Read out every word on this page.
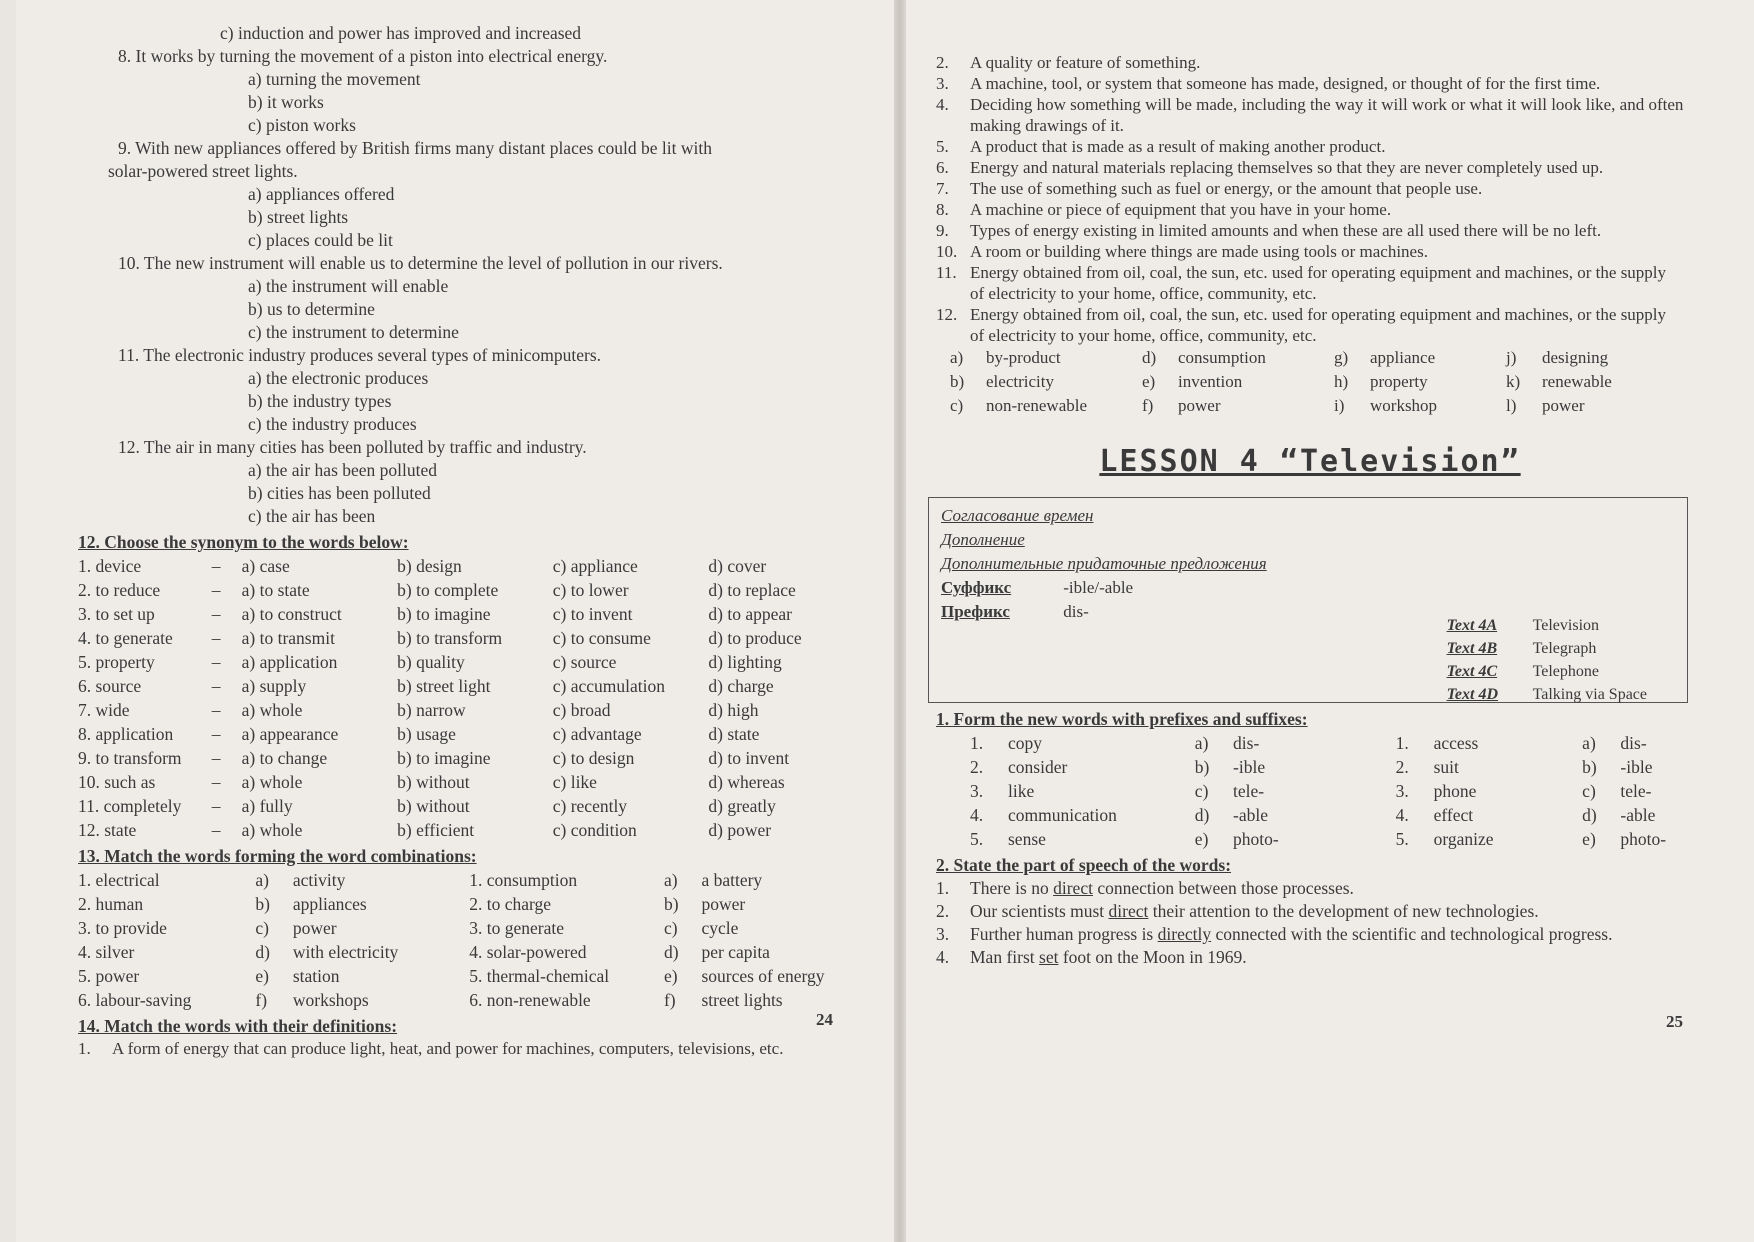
c) induction and power has improved and increased
8. It works by turning the movement of a piston into electrical energy.
a) turning the movement
b) it works
c) piston works
9. With new appliances offered by British firms many distant places could be lit with
solar-powered street lights.
a) appliances offered
b) street lights
c) places could be lit
10. The new instrument will enable us to determine the level of pollution in our rivers.
a) the instrument will enable
b) us to determine
c) the instrument to determine
11. The electronic industry produces several types of minicomputers.
a) the electronic produces
b) the industry types
c) the industry produces
12. The air in many cities has been polluted by traffic and industry.
a) the air has been polluted
b) cities has been polluted
c) the air has been
12. Choose the synonym to the words below:
1. device	–	a) case	b) design	c) appliance	d) cover
2. to reduce	–	a) to state	b) to complete	c) to lower	d) to replace
3. to set up	–	a) to construct	b) to imagine	c) to invent	d) to appear
4. to generate	–	a) to transmit	b) to transform	c) to consume	d) to produce
5. property	–	a) application	b) quality	c) source	d) lighting
6. source	–	a) supply	b) street light	c) accumulation	d) charge
7. wide	–	a) whole	b) narrow	c) broad	d) high
8. application	–	a) appearance	b) usage	c) advantage	d) state
9. to transform	–	a) to change	b) to imagine	c) to design	d) to invent
10. such as	–	a) whole	b) without	c) like	d) whereas
11. completely	–	a) fully	b) without	c) recently	d) greatly
12. state	–	a) whole	b) efficient	c) condition	d) power
13. Match the words forming the word combinations:
1. electrical	a)	activity	1. consumption	a)	a battery
2. human	b)	appliances	2. to charge	b)	power
3. to provide	c)	power	3. to generate	c)	cycle
4. silver	d)	with electricity	4. solar-powered	d)	per capita
5. power	e)	station	5. thermal-chemical	e)	sources of energy
6. labour-saving	f)	workshops	6. non-renewable	f)	street lights
14. Match the words with their definitions:
1.	A form of energy that can produce light, heat, and power for machines, computers, televisions, etc.
24
2.	A quality or feature of something.
3.	A machine, tool, or system that someone has made, designed, or thought of for the first time.
4.	Deciding how something will be made, including the way it will work or what it will look like, and often making drawings of it.
5.	A product that is made as a result of making another product.
6.	Energy and natural materials replacing themselves so that they are never completely used up.
7.	The use of something such as fuel or energy, or the amount that people use.
8.	A machine or piece of equipment that you have in your home.
9.	Types of energy existing in limited amounts and when these are all used there will be no left.
10. A room or building where things are made using tools or machines.
11. Energy obtained from oil, coal, the sun, etc. used for operating equipment and machines, or the supply of electricity to your home, office, community, etc.
12. Energy obtained from oil, coal, the sun, etc. used for operating equipment and machines, or the supply of electricity to your home, office, community, etc.
a)	by-product	d)	consumption	g)	appliance	j)	designing
b)	electricity	e)	invention	h)	property	k)	renewable
c)	non-renewable	f)	power	i)	workshop	l)	power
LESSON 4 “Television”
Согласование времен
Дополнение
Дополнительные придаточные предложения
Суффикс	-ible/-able
Префикс	dis-
Text 4A Television
Text 4B Telegraph
Text 4C Telephone
Text 4D Talking via Space
1. Form the new words with prefixes and suffixes:
1.	copy	a)	dis-	1.	access	a)	dis-
2.	consider	b)	-ible	2.	suit	b)	-ible
3.	like	c)	tele-	3.	phone	c)	tele-
4.	communication	d)	-able	4.	effect	d)	-able
5.	sense	e)	photo-	5.	organize	e)	photo-
2. State the part of speech of the words:
1.	There is no direct connection between those processes.
2.	Our scientists must direct their attention to the development of new technologies.
3.	Further human progress is directly connected with the scientific and technological progress.
4.	Man first set foot on the Moon in 1969.
25
